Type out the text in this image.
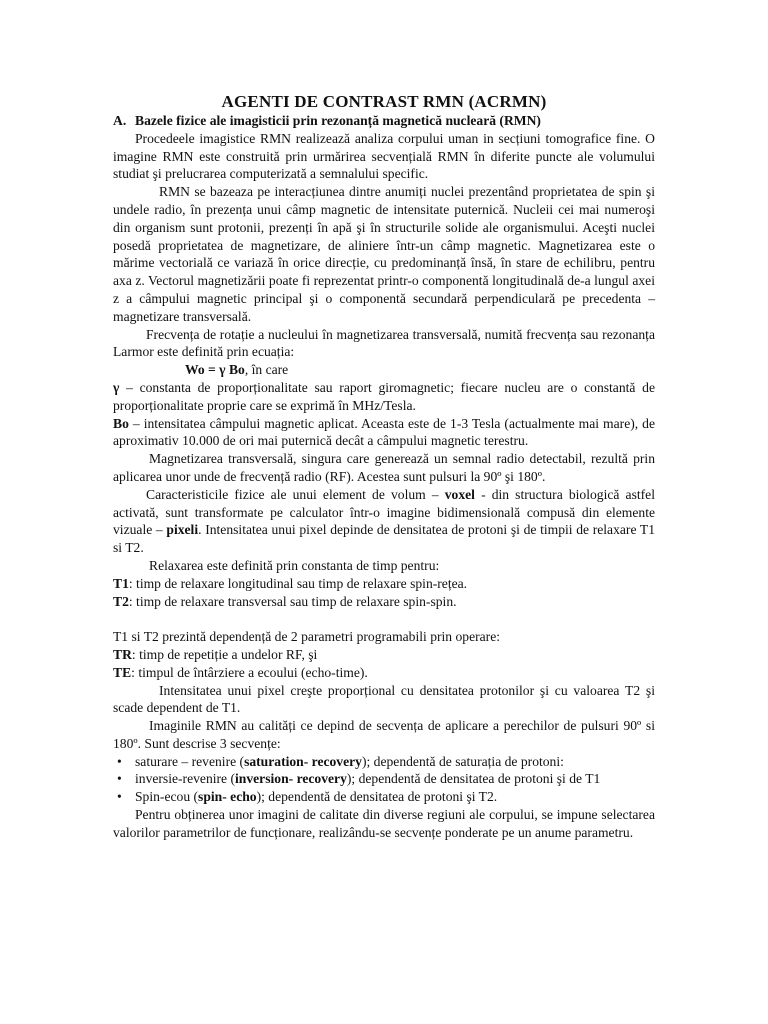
AGENTI DE CONTRAST RMN (ACRMN)
A. Bazele fizice ale imagisticii prin rezonanță magnetică nucleară (RMN)

Procedeele imagistice RMN realizează analiza corpului uman in secțiuni tomografice fine. O imagine RMN este construită prin urmărirea secvențială RMN în diferite puncte ale volumului studiat şi prelucrarea computerizată a semnalului specific.

RMN se bazeaza pe interacțiunea dintre anumiți nuclei prezentând proprietatea de spin şi undele radio, în prezența unui câmp magnetic de intensitate puternică. Nucleii cei mai numeroşi din organism sunt protonii, prezenți în apă şi în structurile solide ale organismului. Aceşti nuclei posedă proprietatea de magnetizare, de aliniere într-un câmp magnetic. Magnetizarea este o mărime vectorială ce variază în orice direcție, cu predominanță însă, în stare de echilibru, pentru axa z. Vectorul magnetizării poate fi reprezentat printr-o componentă longitudinală de-a lungul axei z a câmpului magnetic principal şi o componentă secundară perpendiculară pe precedenta – magnetizare transversală.

Frecvența de rotație a nucleului în magnetizarea transversală, numită frecvența sau rezonanța Larmor este definită prin ecuația:

Wo = γ Bo, în care

γ – constanta de proporționalitate sau raport giromagnetic; fiecare nucleu are o constantă de proporționalitate proprie care se exprimă în MHz/Tesla.

Bo – intensitatea câmpului magnetic aplicat. Aceasta este de 1-3 Tesla (actualmente mai mare), de aproximativ 10.000 de ori mai puternică decât a câmpului magnetic terestru.

Magnetizarea transversală, singura care generează un semnal radio detectabil, rezultă prin aplicarea unor unde de frecvență radio (RF). Acestea sunt pulsuri la 90º şi 180º.

Caracteristicile fizice ale unui element de volum – voxel - din structura biologică astfel activată, sunt transformate pe calculator într-o imagine bidimensională compusă din elemente vizuale – pixeli. Intensitatea unui pixel depinde de densitatea de protoni şi de timpii de relaxare T1 si T2.

Relaxarea este definită prin constanta de timp pentru:

T1: timp de relaxare longitudinal sau timp de relaxare spin-rețea.

T2: timp de relaxare transversal sau timp de relaxare spin-spin.

T1 si T2 prezintă dependență de 2 parametri programabili prin operare:

TR: timp de repetiție a undelor RF, şi

TE: timpul de întârziere a ecoului (echo-time).

Intensitatea unui pixel creşte proporțional cu densitatea protonilor şi cu valoarea T2 şi scade dependent de T1.

Imaginile RMN au calități ce depind de secvența de aplicare a perechilor de pulsuri 90º si 180º. Sunt descrise 3 secvențe:

• saturare – revenire (saturation- recovery); dependentă de saturația de protoni:
• inversie-revenire (inversion- recovery); dependentă de densitatea de protoni şi de T1
• Spin-ecou (spin- echo); dependentă de densitatea de protoni şi T2.

Pentru obținerea unor imagini de calitate din diverse regiuni ale corpului, se impune selectarea valorilor parametrilor de funcționare, realizându-se secvențe ponderate pe un anume parametru.
